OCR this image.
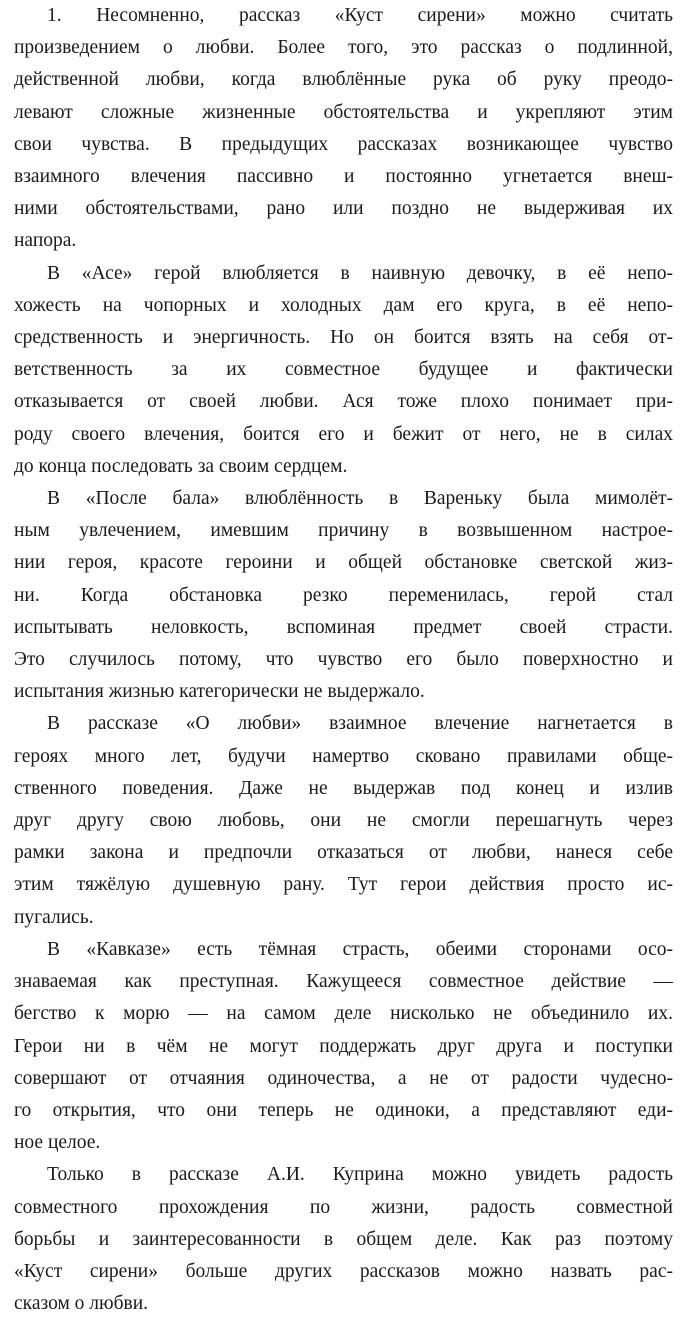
1. Несомненно, рассказ «Куст сирени» можно считать
произведением о любви. Более того, это рассказ о подлинной,
действенной любви, когда влюблённые рука об руку преодо-
левают сложные жизненные обстоятельства и укрепляют этим
свои чувства. В предыдущих рассказах возникающее чувство
взаимного влечения пассивно и постоянно угнетается внеш-
ними обстоятельствами, рано или поздно не выдерживая их
напора.
В «Асе» герой влюбляется в наивную девочку, в её непо-
хожесть на чопорных и холодных дам его круга, в её непо-
средственность и энергичность. Но он боится взять на себя от-
ветственность за их совместное будущее и фактически
отказывается от своей любви. Ася тоже плохо понимает при-
роду своего влечения, боится его и бежит от него, не в силах
до конца последовать за своим сердцем.
В «После бала» влюблённость в Вареньку была мимолёт-
ным увлечением, имевшим причину в возвышенном настрое-
нии героя, красоте героини и общей обстановке светской жиз-
ни. Когда обстановка резко переменилась, герой стал
испытывать неловкость, вспоминая предмет своей страсти.
Это случилось потому, что чувство его было поверхностно и
испытания жизнью категорически не выдержало.
В рассказе «О любви» взаимное влечение нагнетается в
героях много лет, будучи намертво сковано правилами обще-
ственного поведения. Даже не выдержав под конец и излив
друг другу свою любовь, они не смогли перешагнуть через
рамки закона и предпочли отказаться от любви, нанеся себе
этим тяжёлую душевную рану. Тут герои действия просто ис-
пугались.
В «Кавказе» есть тёмная страсть, обеими сторонами осо-
знаваемая как преступная. Кажущееся совместное действие —
бегство к морю — на самом деле нисколько не объединило их.
Герои ни в чём не могут поддержать друг друга и поступки
совершают от отчаяния одиночества, а не от радости чудесно-
го открытия, что они теперь не одиноки, а представляют еди-
ное целое.
Только в рассказе А.И. Куприна можно увидеть радость
совместного прохождения по жизни, радость совместной
борьбы и заинтересованности в общем деле. Как раз поэтому
«Куст сирени» больше других рассказов можно назвать рас-
сказом о любви.
